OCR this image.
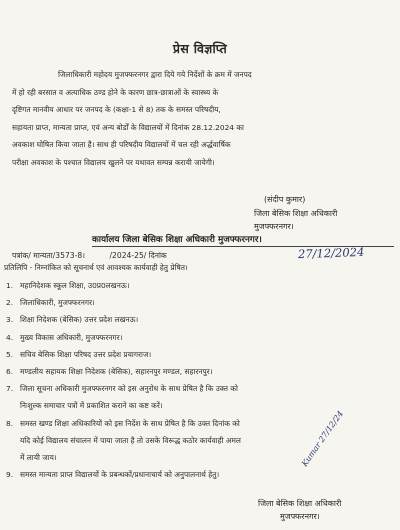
प्रेस विज्ञप्ति
जिलाधिकारी महोदय मुजफ्फरनगर द्वारा दिये गये निर्देशों के क्रम में जनपद
में हो रही बरसात व अत्याधिक ठण्ड होने के कारण छात्र-छात्राओं के स्वास्थ्य के
दृष्टिगत मानवीय आधार पर जनपद के (कक्षा-1 से 8) तक के समस्त परिषदीय,
सहायता प्राप्त, मान्यता प्राप्त, एवं अन्य बोर्डों के विद्यालयों में दिनांक 28.12.2024 का
अवकाश घोषित किया जाता है। साथ ही परिषदीय विद्यालयों में चल रही अर्द्धवार्षिक
परीक्षा अवकाश के पश्चात विद्यालय खुलने पर यथावत सम्पन्न करायी जायेगी।
(संदीप कुमार)
जिला बेसिक शिक्षा अधिकारी
मुजफ्फरनगर।
कार्यालय जिला बेसिक शिक्षा अधिकारी मुजफ्फरनगर।
पत्रांक/ मान्यता/3573-8।	/2024-25/ दिनांक	27/12/2024
प्रतिलिपि - निम्नांकित को सूचनार्थ एवं आवश्यक कार्यवाही हेतु प्रेषित।
1. महानिदेशक स्कूल शिक्षा, उ0प्र0लखनऊ।
2. जिलाधिकारी, मुजफ्फरनगर।
3. शिक्षा निदेशक (बेसिक) उत्तर प्रदेश लखनऊ।
4. मुख्य विकास अधिकारी, मुजफ्फरनगर।
5. सचिव बेसिक शिक्षा परिषद उत्तर प्रदेश प्रयागराज।
6. मण्डलीय सहायक शिक्षा निदेशक (बेसिक), सहारनपुर मण्डल, सहारनपुर।
7. जिला सूचना अधिकारी मुजफ्फरनगर को इस अनुरोध के साथ प्रेषित है कि उक्त को
निःशुल्क समाचार पत्रों में प्रकाशित कराने का कष्ट करें।
8. समस्त खण्ड शिक्षा अधिकारियों को इस निर्देश के साथ प्रेषित है कि उक्त दिनांक को
यदि कोई विद्यालय संचालन में पाया जाता है तो उसके विरूद्ध कठोर कार्यवाही अमल
में लायी जाय।
9. समस्त मान्यता प्राप्त विद्यालयों के प्रबन्धकों/प्रधानाचार्य को अनुपालनार्थ हेतु।
Kumar 27/12/24
जिला बेसिक शिक्षा अधिकारी
मुजफ्फरनगर।
